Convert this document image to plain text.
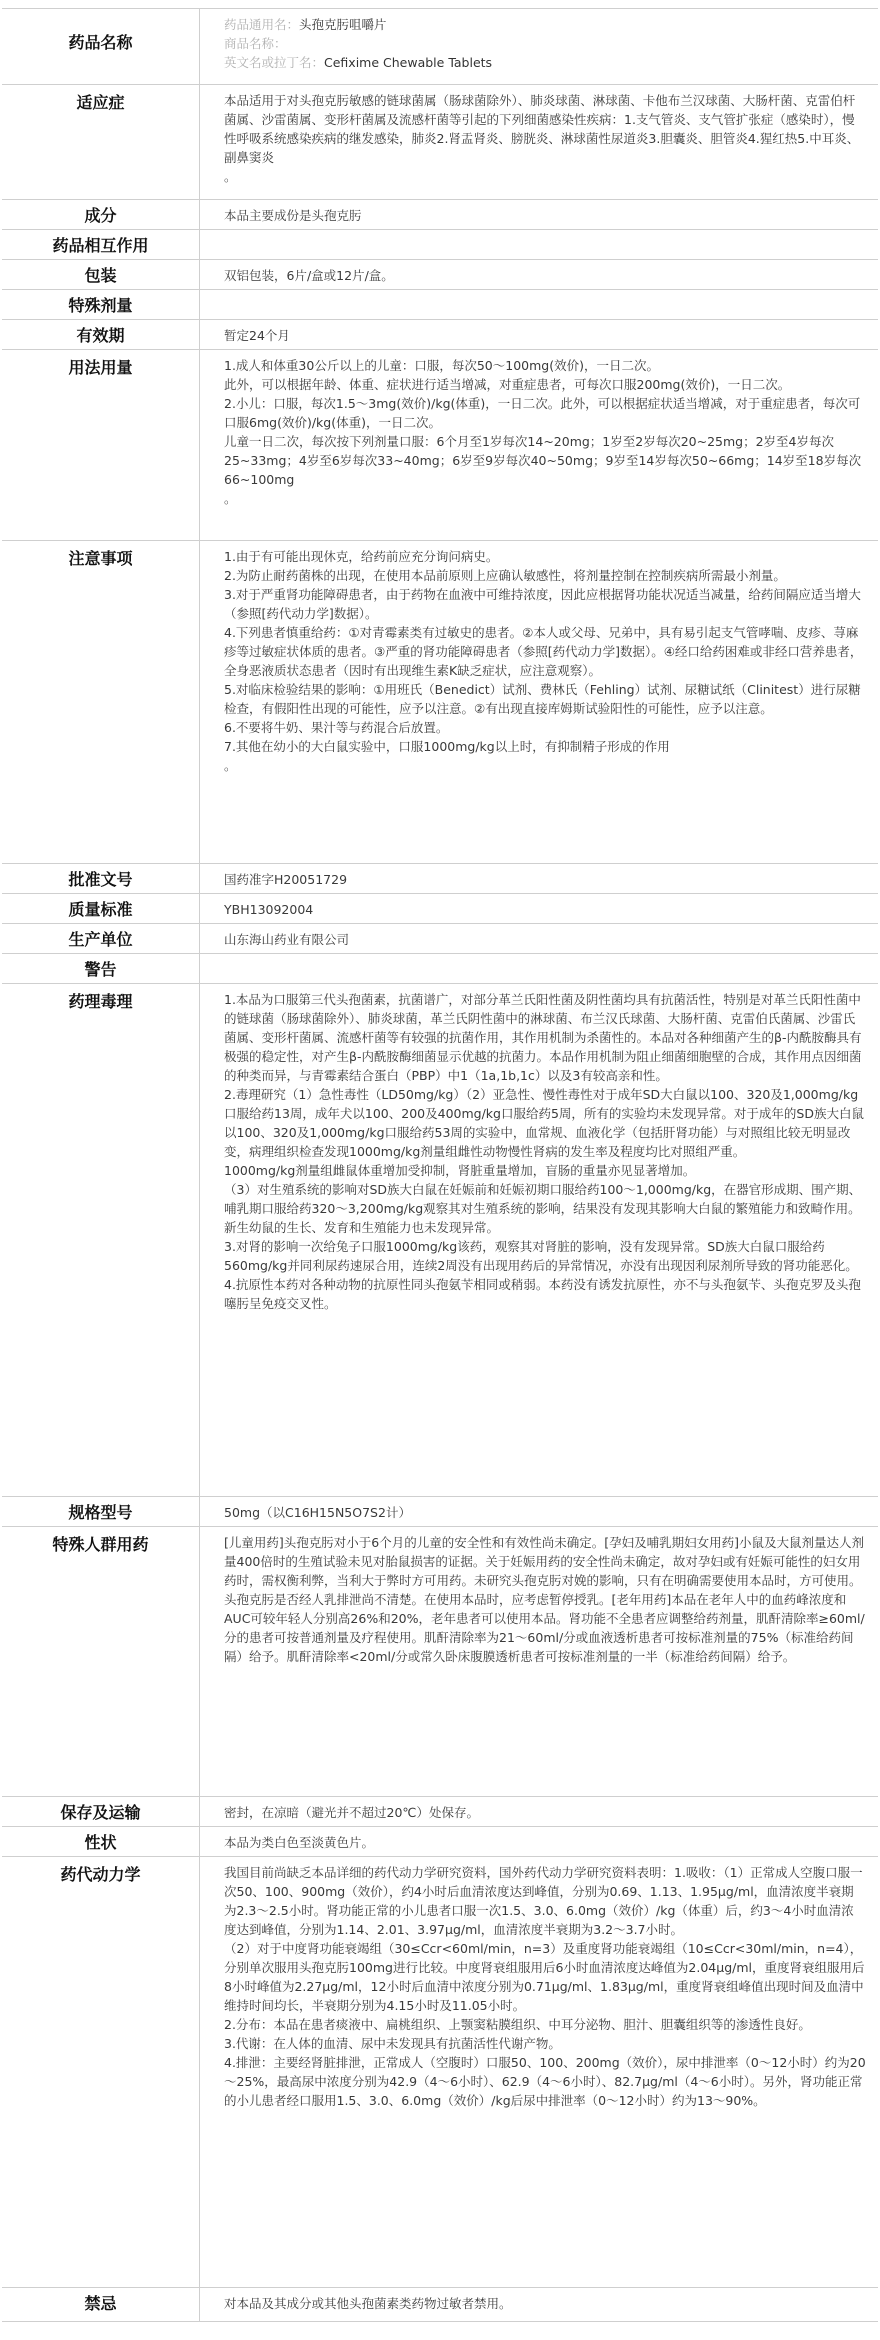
药品名称
药品通用名：头孢克肟咀嚼片
商品名称：
英文名或拉丁名：Cefixime Chewable Tablets
适应症	本品适用于对头孢克肟敏感的链球菌属（肠球菌除外）、肺炎球菌、淋球菌、卡他布兰汉球菌、大肠杆菌、克雷伯杆菌属、沙雷菌属、变形杆菌属及流感杆菌等引起的下列细菌感染性疾病：1.支气管炎、支气管扩张症（感染时），慢性呼吸系统感染疾病的继发感染，肺炎2.肾盂肾炎、膀胱炎、淋球菌性尿道炎3.胆囊炎、胆管炎4.猩红热5.中耳炎、副鼻窦炎
。
成分	本品主要成份是头孢克肟
药品相互作用
包装	双铝包装，6片/盒或12片/盒。
特殊剂量
有效期	暂定24个月
用法用量	1.成人和体重30公斤以上的儿童：口服，每次50～100mg(效价)，一日二次。
此外，可以根据年龄、体重、症状进行适当增减，对重症患者，可每次口服200mg(效价)，一日二次。
2.小儿：口服，每次1.5～3mg(效价)/kg(体重)，一日二次。此外，可以根据症状适当增减，对于重症患者，每次可口服6mg(效价)/kg(体重)，一日二次。
儿童一日二次，每次按下列剂量口服：6个月至1岁每次14~20mg；1岁至2岁每次20~25mg；2岁至4岁每次25~33mg；4岁至6岁每次33~40mg；6岁至9岁每次40~50mg；9岁至14岁每次50~66mg；14岁至18岁每次66~100mg
。
注意事项	1.由于有可能出现休克，给药前应充分询问病史。
2.为防止耐药菌株的出现，在使用本品前原则上应确认敏感性，将剂量控制在控制疾病所需最小剂量。
3.对于严重肾功能障碍患者，由于药物在血液中可维持浓度，因此应根据肾功能状况适当减量，给药间隔应适当增大（参照[药代动力学]数据）。
4.下列患者慎重给药：①对青霉素类有过敏史的患者。②本人或父母、兄弟中，具有易引起支气管哮喘、皮疹、荨麻疹等过敏症状体质的患者。③严重的肾功能障碍患者（参照[药代动力学]数据）。④经口给药困难或非经口营养患者，全身恶液质状态患者（因时有出现维生素K缺乏症状，应注意观察）。
5.对临床检验结果的影响：①用班氏（Benedict）试剂、费林氏（Fehling）试剂、尿糖试纸（Clinitest）进行尿糖检查，有假阳性出现的可能性，应予以注意。②有出现直接库姆斯试验阳性的可能性，应予以注意。
6.不要将牛奶、果汁等与药混合后放置。
7.其他在幼小的大白鼠实验中，口服1000mg/kg以上时，有抑制精子形成的作用
。
批准文号	国药准字H20051729
质量标准	YBH13092004
生产单位	山东海山药业有限公司
警告
药理毒理	1.本品为口服第三代头孢菌素，抗菌谱广，对部分革兰氏阳性菌及阴性菌均具有抗菌活性，特别是对革兰氏阳性菌中的链球菌（肠球菌除外）、肺炎球菌，革兰氏阴性菌中的淋球菌、布兰汉氏球菌、大肠杆菌、克雷伯氏菌属、沙雷氏菌属、变形杆菌属、流感杆菌等有较强的抗菌作用，其作用机制为杀菌性的。本品对各种细菌产生的β-内酰胺酶具有极强的稳定性，对产生β-内酰胺酶细菌显示优越的抗菌力。本品作用机制为阻止细菌细胞壁的合成，其作用点因细菌的种类而异，与青霉素结合蛋白（PBP）中1（1a,1b,1c）以及3有较高亲和性。
2.毒理研究（1）急性毒性（LD50mg/kg）（2）亚急性、慢性毒性对于成年SD大白鼠以100、320及1,000mg/kg口服给药13周，成年犬以100、200及400mg/kg口服给药5周，所有的实验均未发现异常。对于成年的SD族大白鼠以100、320及1,000mg/kg口服给药53周的实验中，血常规、血液化学（包括肝肾功能）与对照组比较无明显改变，病理组织检查发现1000mg/kg剂量组雌性动物慢性肾病的发生率及程度均比对照组严重。
1000mg/kg剂量组雌鼠体重增加受抑制，肾脏重量增加，盲肠的重量亦见显著增加。
（3）对生殖系统的影响对SD族大白鼠在妊娠前和妊娠初期口服给药100～1,000mg/kg，在器官形成期、围产期、哺乳期口服给药320～3,200mg/kg观察其对生殖系统的影响，结果没有发现其影响大白鼠的繁殖能力和致畸作用。新生幼鼠的生长、发育和生殖能力也未发现异常。
3.对肾的影响一次给兔子口服1000mg/kg该药，观察其对肾脏的影响，没有发现异常。SD族大白鼠口服给药560mg/kg并同利尿药速尿合用，连续2周没有出现用药后的异常情况，亦没有出现因利尿剂所导致的肾功能恶化。
4.抗原性本药对各种动物的抗原性同头孢氨苄相同或稍弱。本药没有诱发抗原性，亦不与头孢氨苄、头孢克罗及头孢噻肟呈免疫交叉性。
规格型号	50mg（以C16H15N5O7S2计）
特殊人群用药	[儿童用药]头孢克肟对小于6个月的儿童的安全性和有效性尚未确定。[孕妇及哺乳期妇女用药]小鼠及大鼠剂量达人剂量400倍时的生殖试验未见对胎鼠损害的证据。关于妊娠用药的安全性尚未确定，故对孕妇或有妊娠可能性的妇女用药时，需权衡利弊，当利大于弊时方可用药。未研究头孢克肟对娩的影响，只有在明确需要使用本品时，方可使用。头孢克肟是否经人乳排泄尚不清楚。在使用本品时，应考虑暂停授乳。[老年用药]本品在老年人中的血药峰浓度和AUC可较年轻人分别高26%和20%，老年患者可以使用本品。肾功能不全患者应调整给药剂量，肌酐清除率≥60ml/分的患者可按普通剂量及疗程使用。肌酐清除率为21～60ml/分或血液透析患者可按标准剂量的75%（标准给药间隔）给予。肌酐清除率<20ml/分或常久卧床腹膜透析患者可按标准剂量的一半（标准给药间隔）给予。
保存及运输	密封，在凉暗（避光并不超过20℃）处保存。
性状	本品为类白色至淡黄色片。
药代动力学	我国目前尚缺乏本品详细的药代动力学研究资料，国外药代动力学研究资料表明：1.吸收：（1）正常成人空腹口服一次50、100、900mg（效价），约4小时后血清浓度达到峰值，分别为0.69、1.13、1.95μg/ml，血清浓度半衰期为2.3～2.5小时。肾功能正常的小儿患者口服一次1.5、3.0、6.0mg（效价）/kg（体重）后，约3～4小时血清浓度达到峰值，分别为1.14、2.01、3.97μg/ml，血清浓度半衰期为3.2～3.7小时。
（2）对于中度肾功能衰竭组（30≤Ccr<60ml/min，n=3）及重度肾功能衰竭组（10≤Ccr<30ml/min，n=4），分别单次服用头孢克肟100mg进行比较。中度肾衰组服用后6小时血清浓度达峰值为2.04μg/ml，重度肾衰组服用后8小时峰值为2.27μg/ml，12小时后血清中浓度分别为0.71μg/ml、1.83μg/ml，重度肾衰组峰值出现时间及血清中维持时间均长，半衰期分别为4.15小时及11.05小时。
2.分布：本品在患者痰液中、扁桃组织、上颚窦粘膜组织、中耳分泌物、胆汁、胆囊组织等的渗透性良好。
3.代谢：在人体的血清、尿中未发现具有抗菌活性代谢产物。
4.排泄：主要经肾脏排泄，正常成人（空腹时）口服50、100、200mg（效价），尿中排泄率（0～12小时）约为20～25%，最高尿中浓度分别为42.9（4～6小时）、62.9（4～6小时）、82.7μg/ml（4～6小时）。另外，肾功能正常的小儿患者经口服用1.5、3.0、6.0mg（效价）/kg后尿中排泄率（0～12小时）约为13～90%。
禁忌	对本品及其成分或其他头孢菌素类药物过敏者禁用。
